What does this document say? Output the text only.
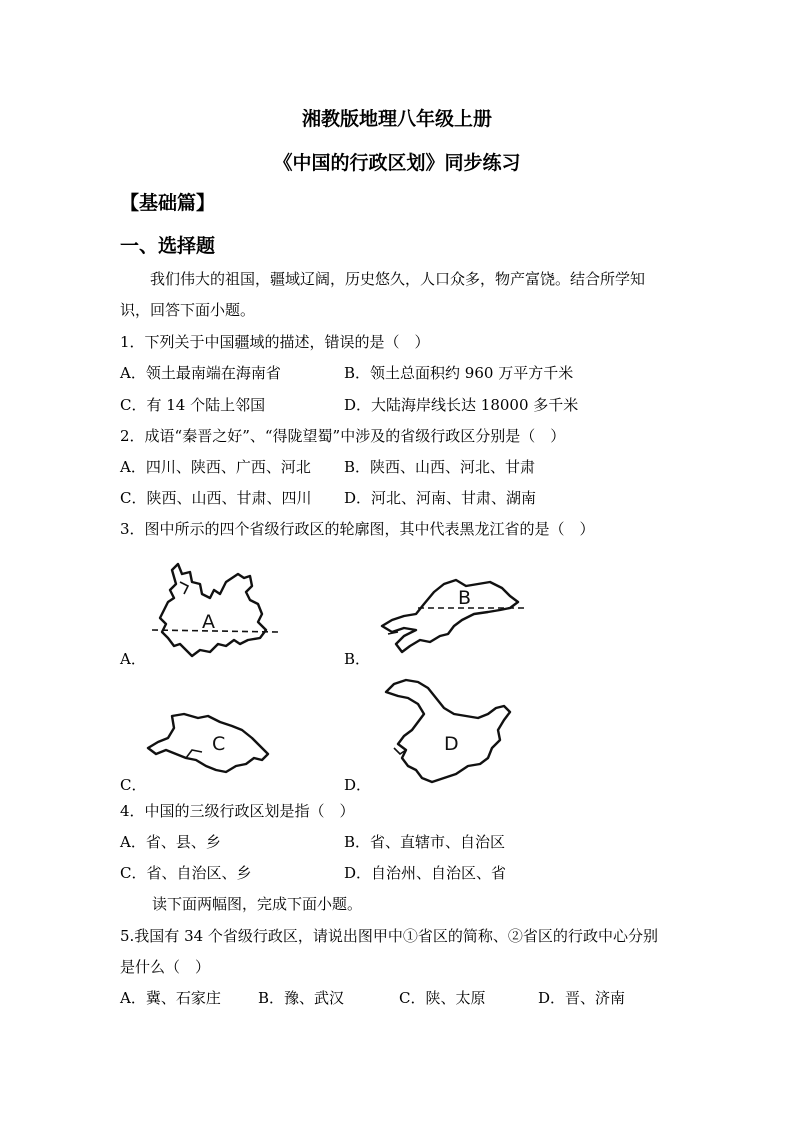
湘教版地理八年级上册
《中国的行政区划》同步练习
【基础篇】
一、选择题
我们伟大的祖国，疆域辽阔，历史悠久，人口众多，物产富饶。结合所学知
识，回答下面小题。
1．下列关于中国疆域的描述，错误的是（　）
A．领土最南端在海南省	B．领土总面积约 960 万平方千米
C．有 14 个陆上邻国	D．大陆海岸线长达 18000 多千米
2．成语“秦晋之好”、“得陇望蜀”中涉及的省级行政区分别是（　）
A．四川、陕西、广西、河北 B．陕西、山西、河北、甘肃
C．陕西、山西、甘肃、四川 D．河北、河南、甘肃、湖南
3．图中所示的四个省级行政区的轮廓图，其中代表黑龙江省的是（　）
A
A．
B
B．
C
C．
D
D．
4．中国的三级行政区划是指（　）
A．省、县、乡	B．省、直辖市、自治区
C．省、自治区、乡	D．自治州、自治区、省
读下面两幅图，完成下面小题。
5.我国有 34 个省级行政区，请说出图甲中①省区的简称、②省区的行政中心分别
是什么（　）
A．冀、石家庄 B．豫、武汉	C．陕、太原	D．晋、济南
